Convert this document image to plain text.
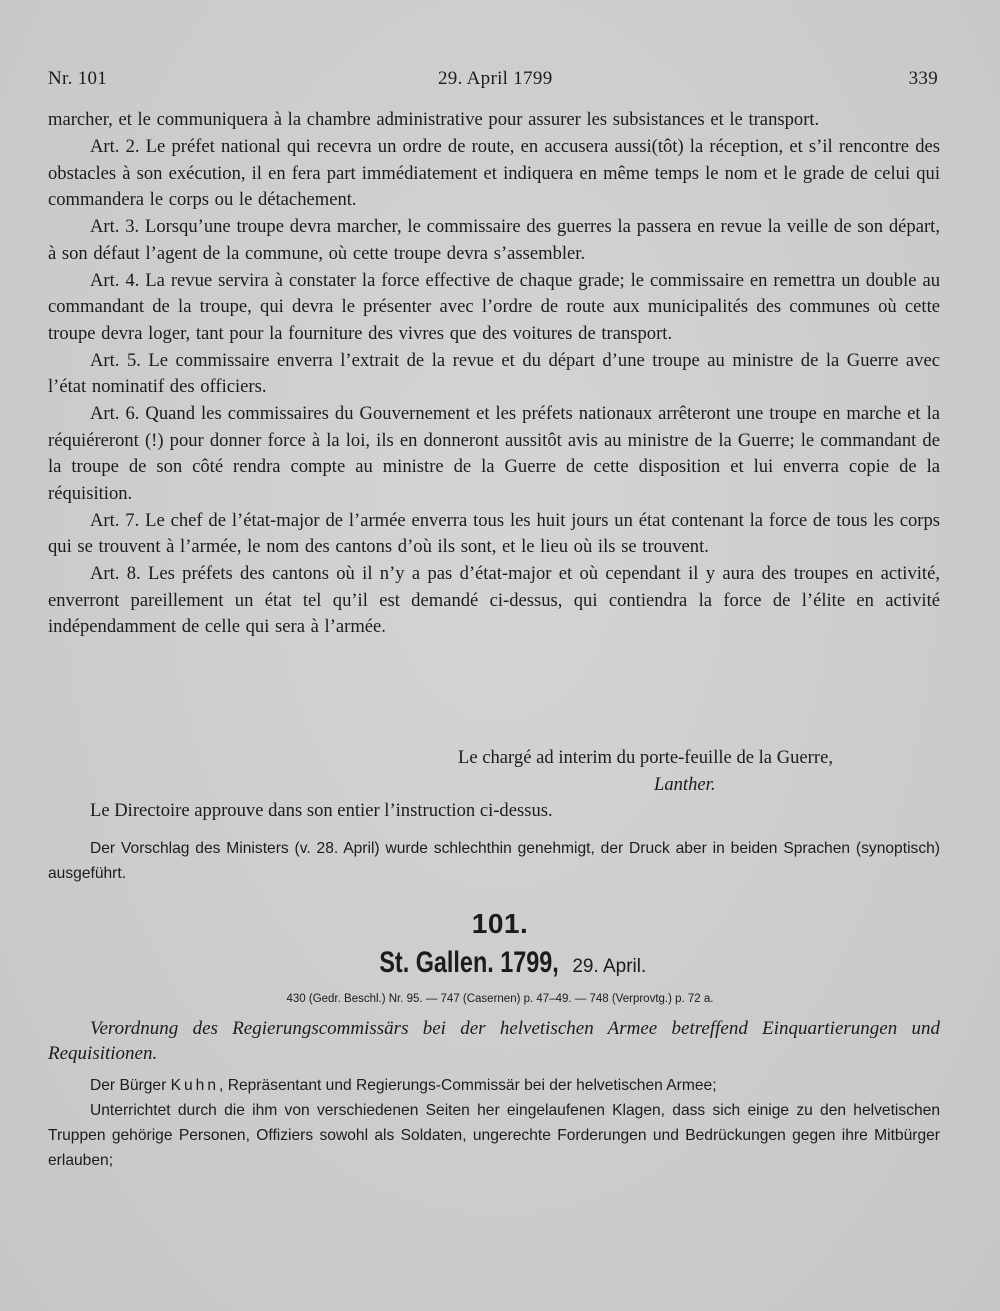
Nr. 101	29. April 1799	339

marcher, et le communiquera à la chambre administrative pour assurer les subsistances et le transport.

Art. 2. Le préfet national qui recevra un ordre de route, en accusera aussi(tôt) la réception, et s’il rencontre des obstacles à son exécution, il en fera part immédiatement et indiquera en même temps le nom et le grade de celui qui commandera le corps ou le détachement.

Art. 3. Lorsqu’une troupe devra marcher, le commissaire des guerres la passera en revue la veille de son départ, à son défaut l’agent de la commune, où cette troupe devra s’assembler.

Art. 4. La revue servira à constater la force effective de chaque grade; le commissaire en remettra un double au commandant de la troupe, qui devra le présenter avec l’ordre de route aux municipalités des communes où cette troupe devra loger, tant pour la fourniture des vivres que des voitures de transport.

Art. 5. Le commissaire enverra l’extrait de la revue et du départ d’une troupe au ministre de la Guerre avec l’état nominatif des officiers.

Art. 6. Quand les commissaires du Gouvernement et les préfets nationaux arrêteront une troupe en marche et la réquiéreront (!) pour donner force à la loi, ils en donneront aussitôt avis au ministre de la Guerre; le commandant de la troupe de son côté rendra compte au ministre de la Guerre de cette disposition et lui enverra copie de la réquisition.

Art. 7. Le chef de l’état-major de l’armée enverra tous les huit jours un état contenant la force de tous les corps qui se trouvent à l’armée, le nom des cantons d’où ils sont, et le lieu où ils se trouvent.

Art. 8. Les préfets des cantons où il n’y a pas d’état-major et où cependant il y aura des troupes en activité, enverront pareillement un état tel qu’il est demandé ci-dessus, qui contiendra la force de l’élite en activité indépendamment de celle qui sera à l’armée.

Le chargé ad interim du porte-feuille de la Guerre,

Lanther.

Le Directoire approuve dans son entier l’instruction ci-dessus.

Der Vorschlag des Ministers (v. 28. April) wurde schlechthin genehmigt, der Druck aber in beiden Sprachen (synoptisch) ausgeführt.

101.
St. Gallen. 1799, 29. April.
430 (Gedr. Beschl.) Nr. 95. — 747 (Casernen) p. 47–49. — 748 (Verprovtg.) p. 72 a.
Verordnung des Regierungscommissärs bei der helvetischen Armee betreffend Einquartierungen und Requisitionen.

Der Bürger Kuhn, Repräsentant und Regierungs-Commissär bei der helvetischen Armee;

Unterrichtet durch die ihm von verschiedenen Seiten her eingelaufenen Klagen, dass sich einige zu den helvetischen Truppen gehörige Personen, Offiziers sowohl als Soldaten, ungerechte Forderungen und Bedrückungen gegen ihre Mitbürger erlauben;
